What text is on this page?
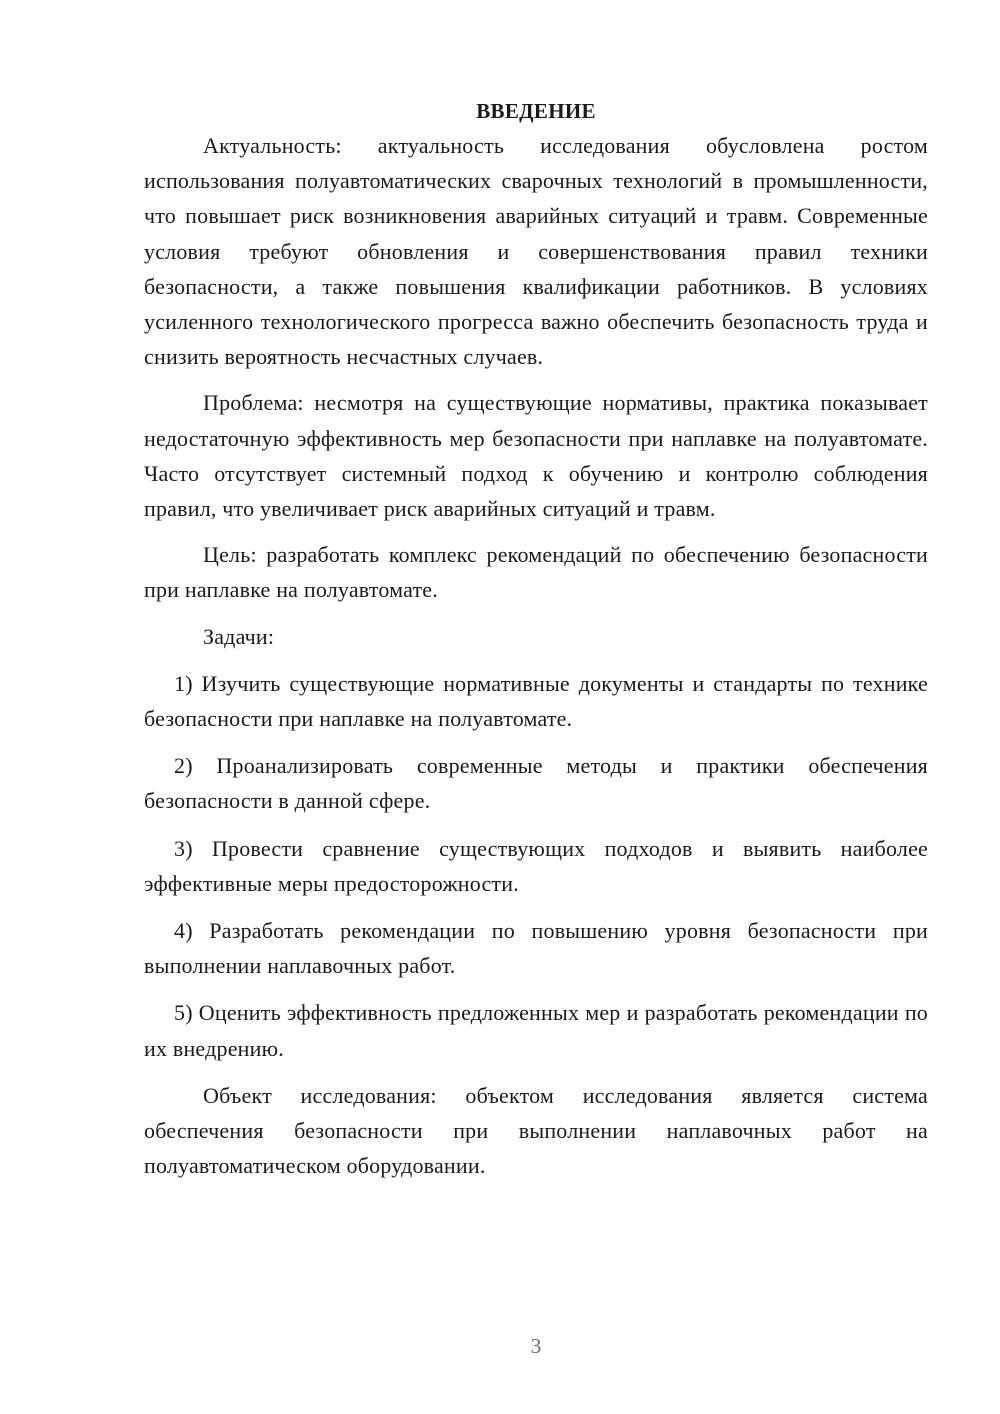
ВВЕДЕНИЕ

Актуальность: актуальность исследования обусловлена ростом использования полуавтоматических сварочных технологий в промышленности, что повышает риск возникновения аварийных ситуаций и травм. Современные условия требуют обновления и совершенствования правил техники безопасности, а также повышения квалификации работников. В условиях усиленного технологического прогресса важно обеспечить безопасность труда и снизить вероятность несчастных случаев.

Проблема: несмотря на существующие нормативы, практика показывает недостаточную эффективность мер безопасности при наплавке на полуавтомате. Часто отсутствует системный подход к обучению и контролю соблюдения правил, что увеличивает риск аварийных ситуаций и травм.

Цель: разработать комплекс рекомендаций по обеспечению безопасности при наплавке на полуавтомате.

Задачи:

1) Изучить существующие нормативные документы и стандарты по технике безопасности при наплавке на полуавтомате.

2) Проанализировать современные методы и практики обеспечения безопасности в данной сфере.

3) Провести сравнение существующих подходов и выявить наиболее эффективные меры предосторожности.

4) Разработать рекомендации по повышению уровня безопасности при выполнении наплавочных работ.

5) Оценить эффективность предложенных мер и разработать рекомендации по их внедрению.

Объект исследования: объектом исследования является система обеспечения безопасности при выполнении наплавочных работ на полуавтоматическом оборудовании.

3
